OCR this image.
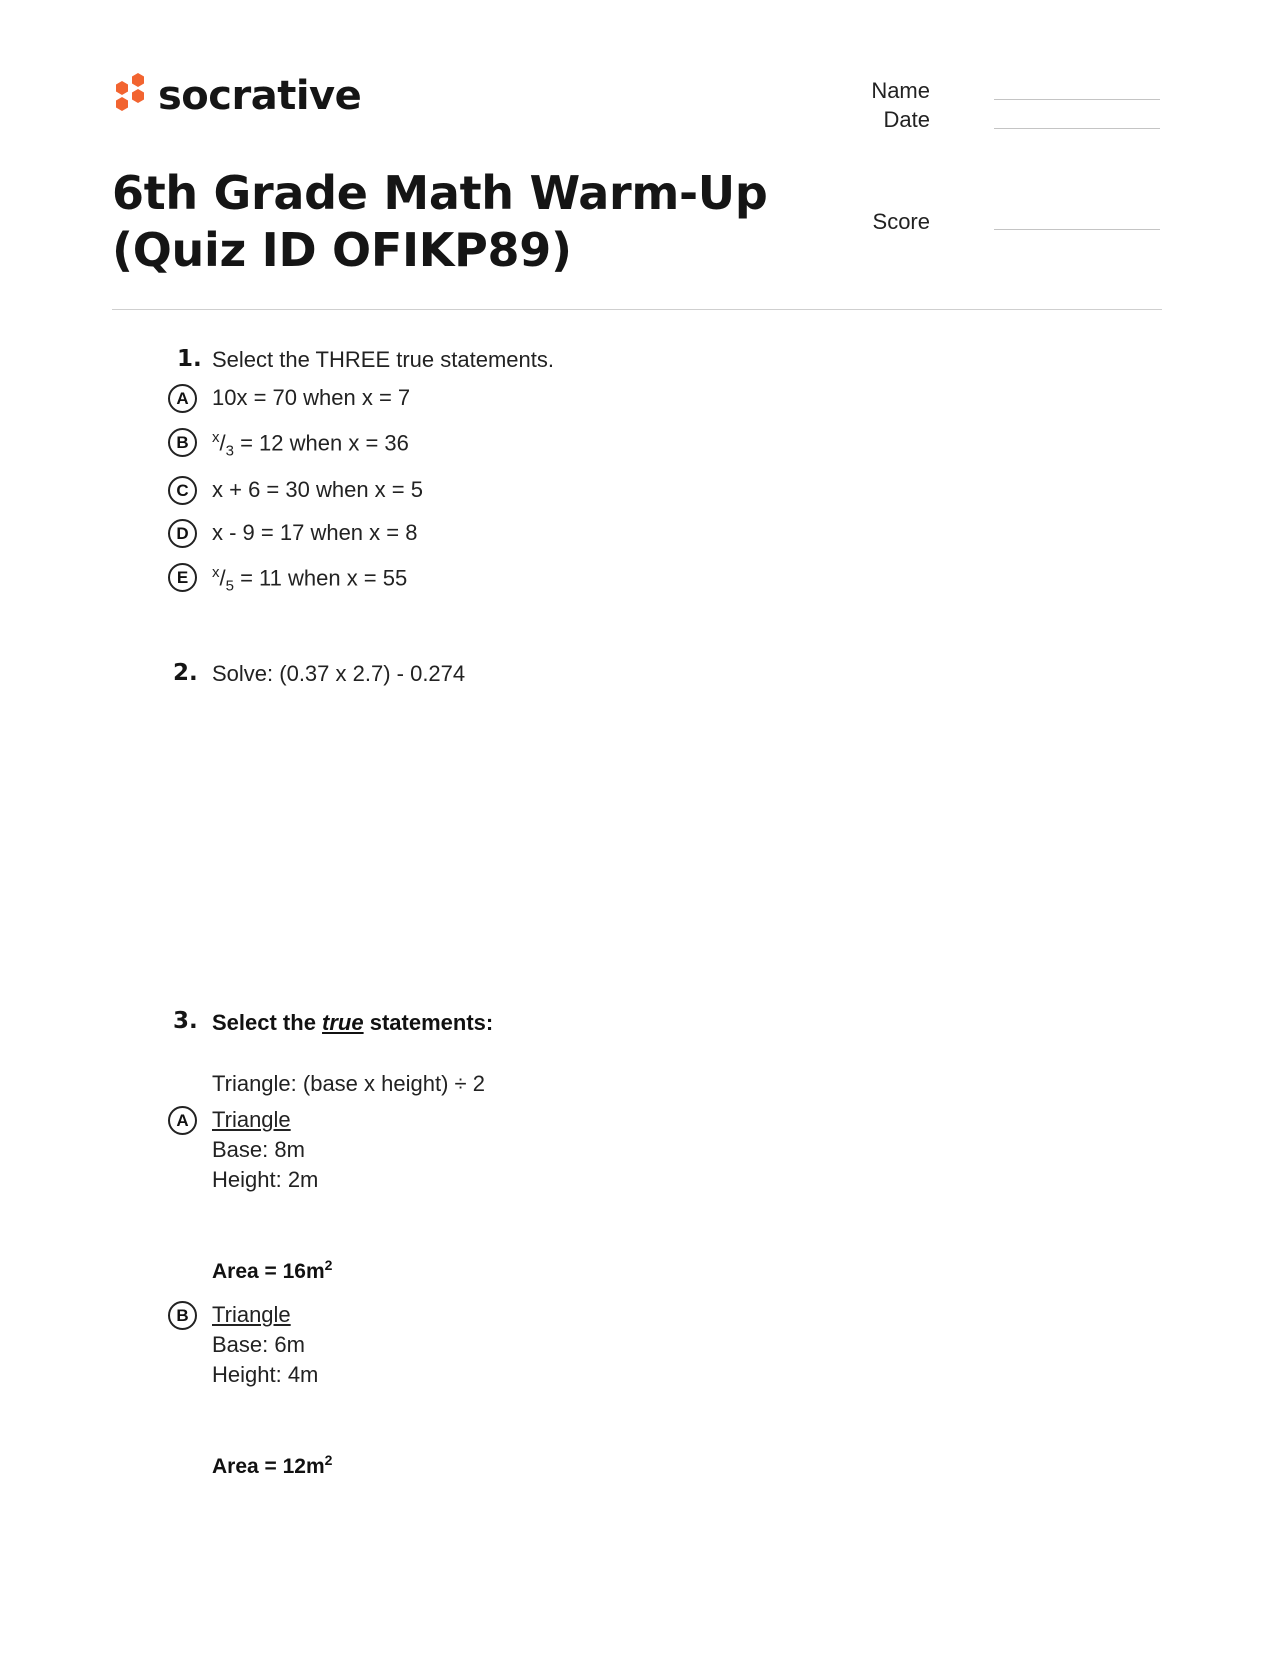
socrative
6th Grade Math Warm-Up (Quiz ID OFIKP89)
Name
Date
Score
1. Select the THREE true statements.
A	10x = 70 when x = 7
B	$^x/_3 = 12$ when x = 36
C	x + 6 = 30 when x = 5
D	x - 9 = 17 when x = 8
E	$^x/_5 = 11$ when x = 55
2. Solve: (0.37 x 2.7) - 0.274
3. Select the true statements:
Triangle: (base x height) ÷ 2
A	Triangle
Base: 8m
Height: 2m
Area = $16m^2$
B	Triangle
Base: 6m
Height: 4m
Area = $12m^2$
